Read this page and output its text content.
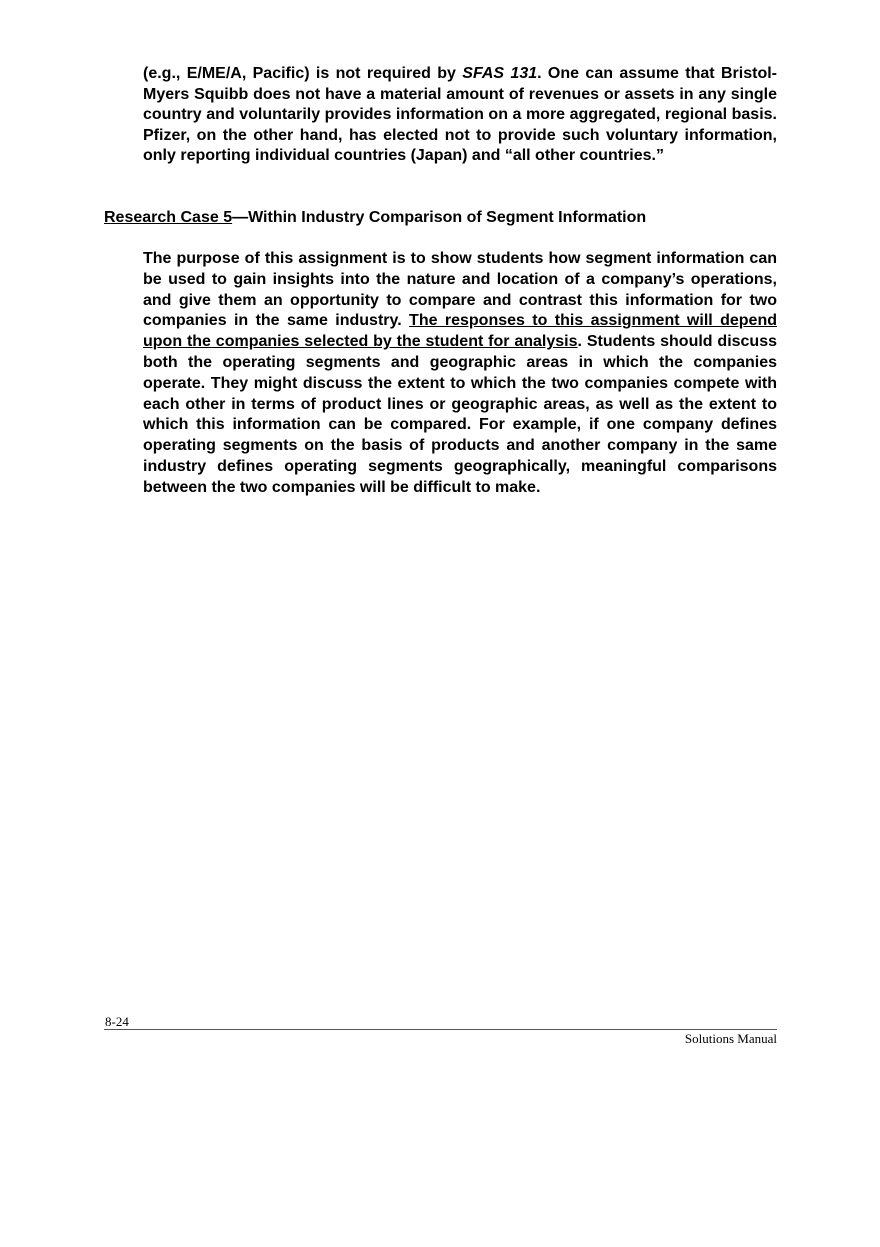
(e.g., E/ME/A, Pacific) is not required by SFAS 131. One can assume that Bristol-Myers Squibb does not have a material amount of revenues or assets in any single country and voluntarily provides information on a more aggregated, regional basis. Pfizer, on the other hand, has elected not to provide such voluntary information, only reporting individual countries (Japan) and “all other countries.”

Research Case 5—Within Industry Comparison of Segment Information

The purpose of this assignment is to show students how segment information can be used to gain insights into the nature and location of a company’s operations, and give them an opportunity to compare and contrast this information for two companies in the same industry. The responses to this assignment will depend upon the companies selected by the student for analysis. Students should discuss both the operating segments and geographic areas in which the companies operate. They might discuss the extent to which the two companies compete with each other in terms of product lines or geographic areas, as well as the extent to which this information can be compared. For example, if one company defines operating segments on the basis of products and another company in the same industry defines operating segments geographically, meaningful comparisons between the two companies will be difficult to make.

8-24
Solutions Manual
